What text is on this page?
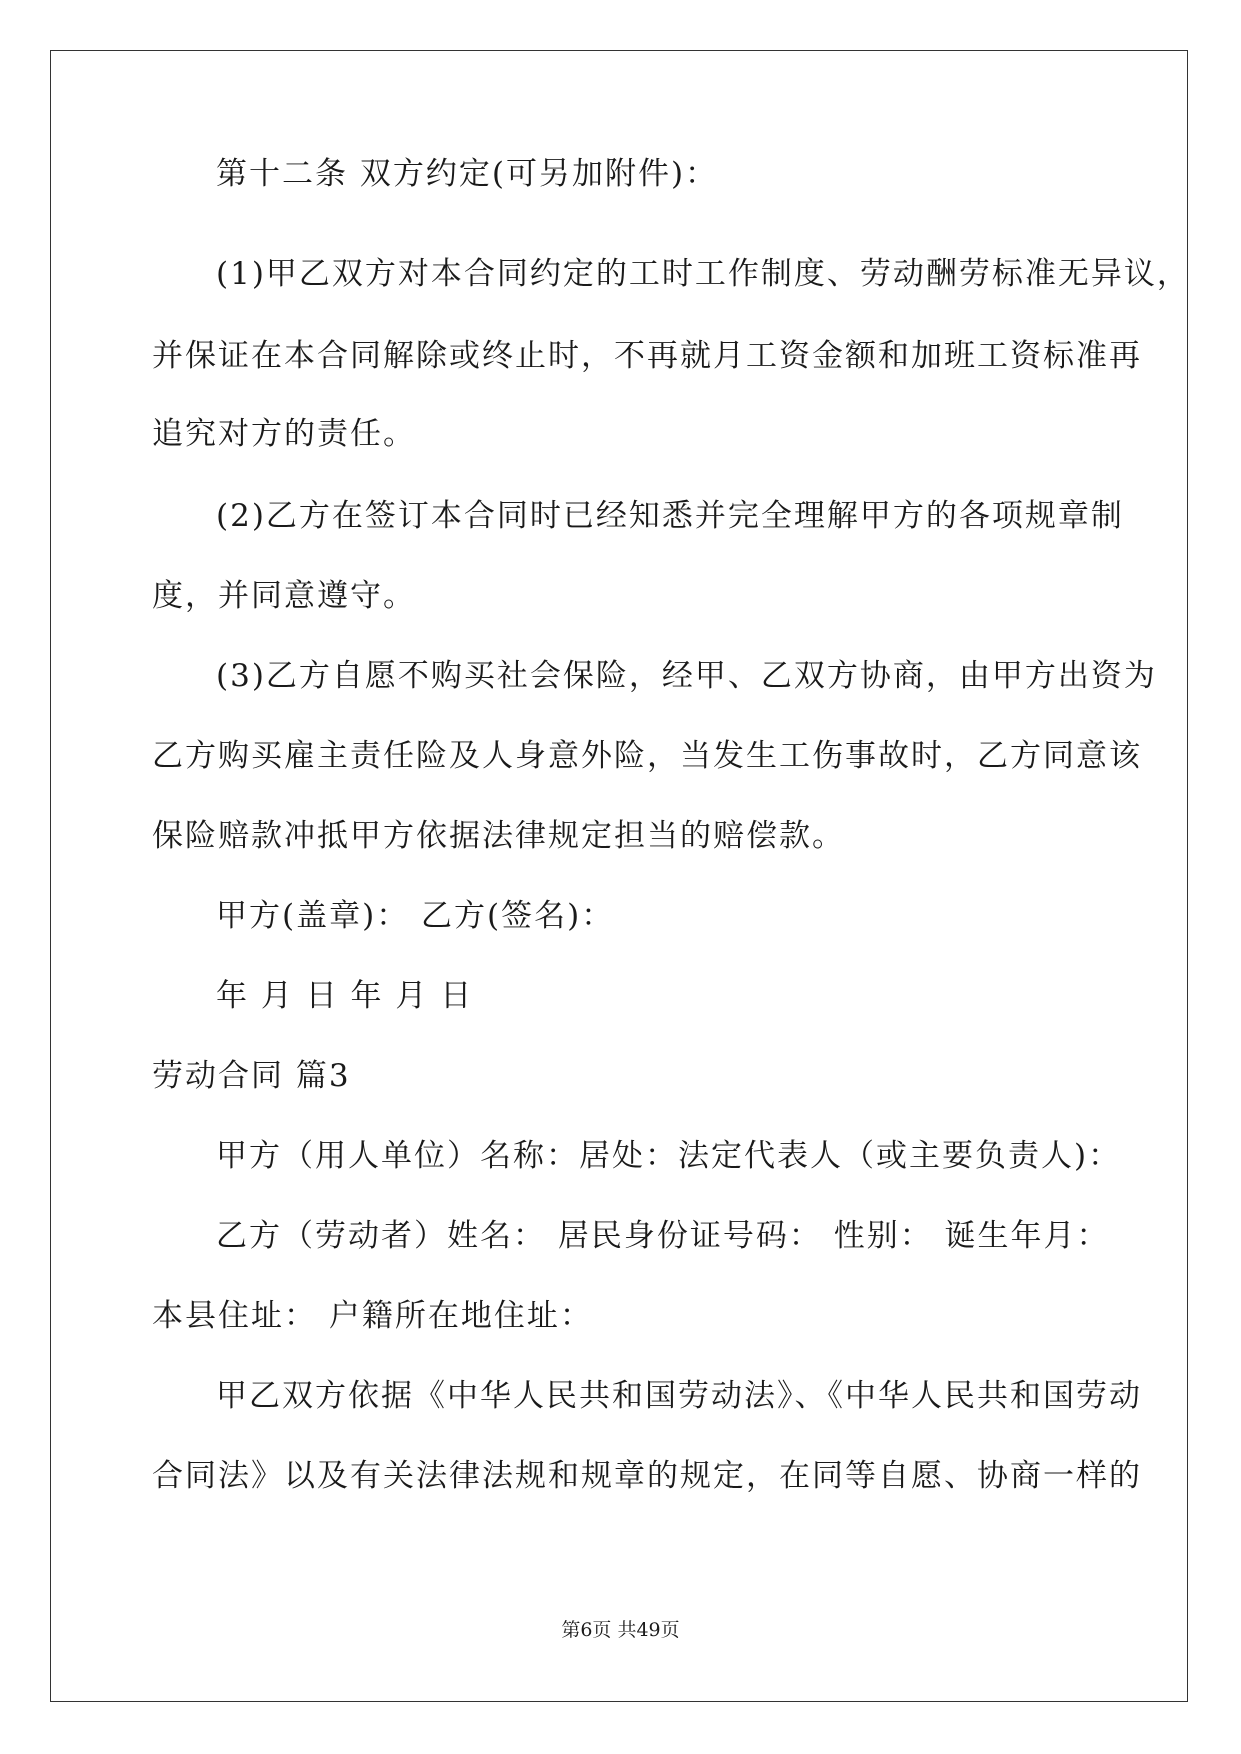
第十二条 双方约定(可另加附件)：
(1)甲乙双方对本合同约定的工时工作制度、劳动酬劳标准无异议，
并保证在本合同解除或终止时，不再就月工资金额和加班工资标准再
追究对方的责任。
(2)乙方在签订本合同时已经知悉并完全理解甲方的各项规章制
度，并同意遵守。
(3)乙方自愿不购买社会保险，经甲、乙双方协商，由甲方出资为
乙方购买雇主责任险及人身意外险，当发生工伤事故时，乙方同意该
保险赔款冲抵甲方依据法律规定担当的赔偿款。
甲方(盖章)： 乙方(签名)：
年 月 日 年 月 日
劳动合同 篇3
甲方（用人单位）名称：居处：法定代表人（或主要负责人)：
乙方（劳动者）姓名： 居民身份证号码： 性别： 诞生年月：
本县住址： 户籍所在地住址：
甲乙双方依据《中华人民共和国劳动法》、《中华人民共和国劳动
合同法》以及有关法律法规和规章的规定，在同等自愿、协商一样的
第6页 共49页
